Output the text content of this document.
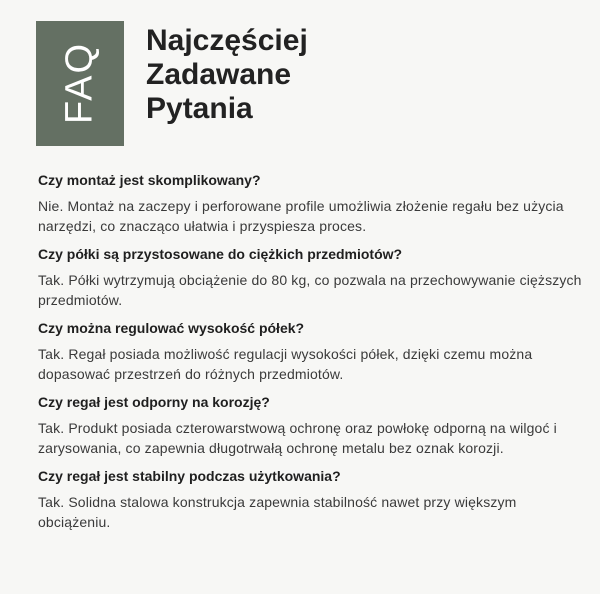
FAQ
Najczęściej
Zadawane
Pytania

Czy montaż jest skomplikowany?

Nie. Montaż na zaczepy i perforowane profile umożliwia złożenie regału bez użycia narzędzi, co znacząco ułatwia i przyspiesza proces.

Czy półki są przystosowane do ciężkich przedmiotów?

Tak. Półki wytrzymują obciążenie do 80 kg, co pozwala na przechowywanie cięższych przedmiotów.

Czy można regulować wysokość półek?

Tak. Regał posiada możliwość regulacji wysokości półek, dzięki czemu można dopasować przestrzeń do różnych przedmiotów.

Czy regał jest odporny na korozję?

Tak. Produkt posiada czterowarstwową ochronę oraz powłokę odporną na wilgoć i zarysowania, co zapewnia długotrwałą ochronę metalu bez oznak korozji.

Czy regał jest stabilny podczas użytkowania?

Tak. Solidna stalowa konstrukcja zapewnia stabilność nawet przy większym obciążeniu.
